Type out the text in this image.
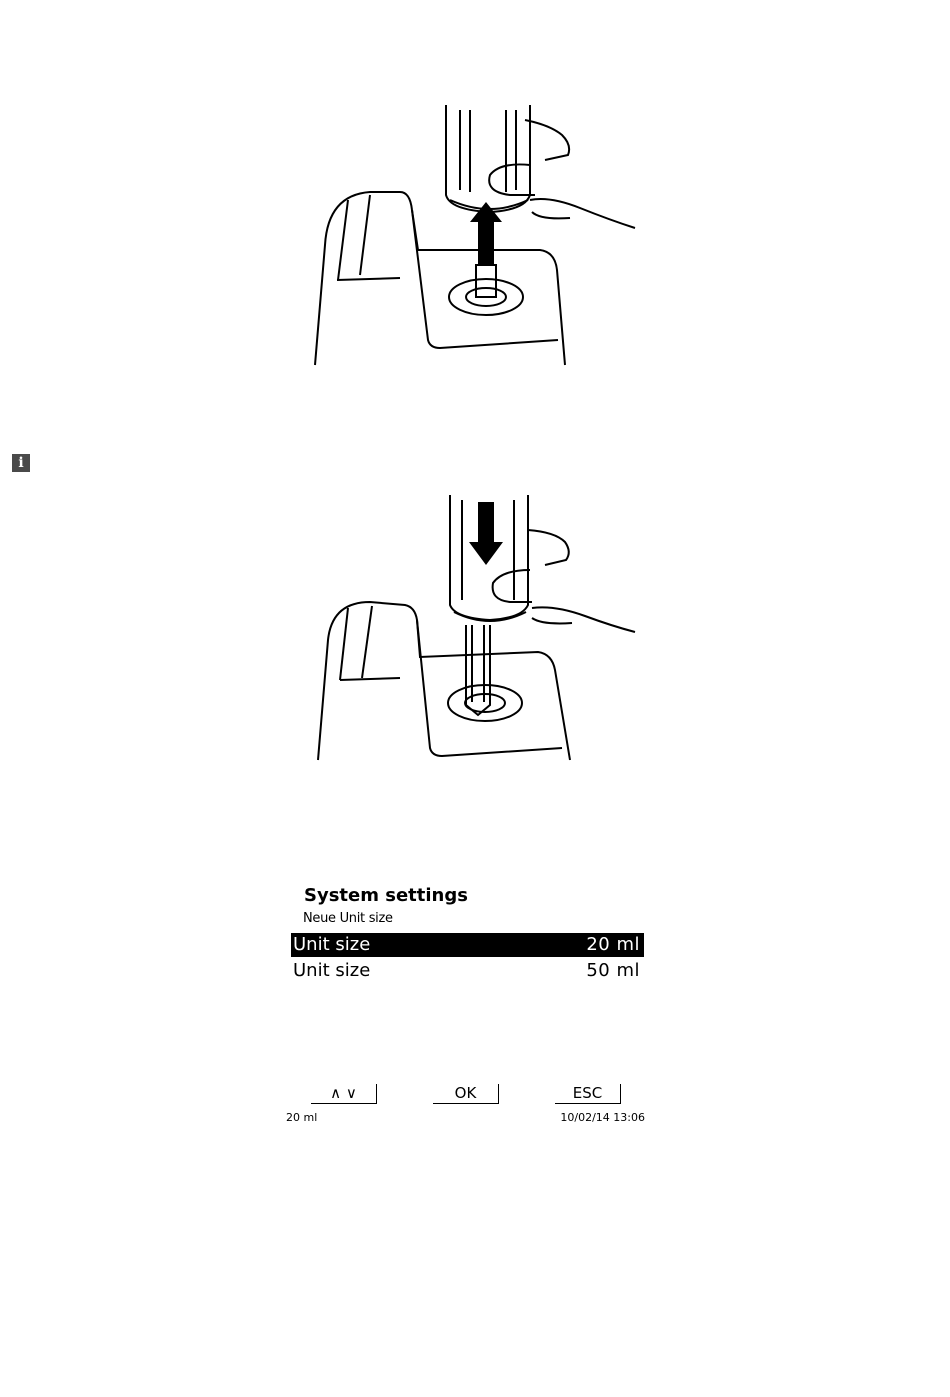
i
System settings
Neue Unit size
Unit size	20 ml
Unit size	50 ml
∧ ∨	OK	ESC
20 ml	10/02/14 13:06
